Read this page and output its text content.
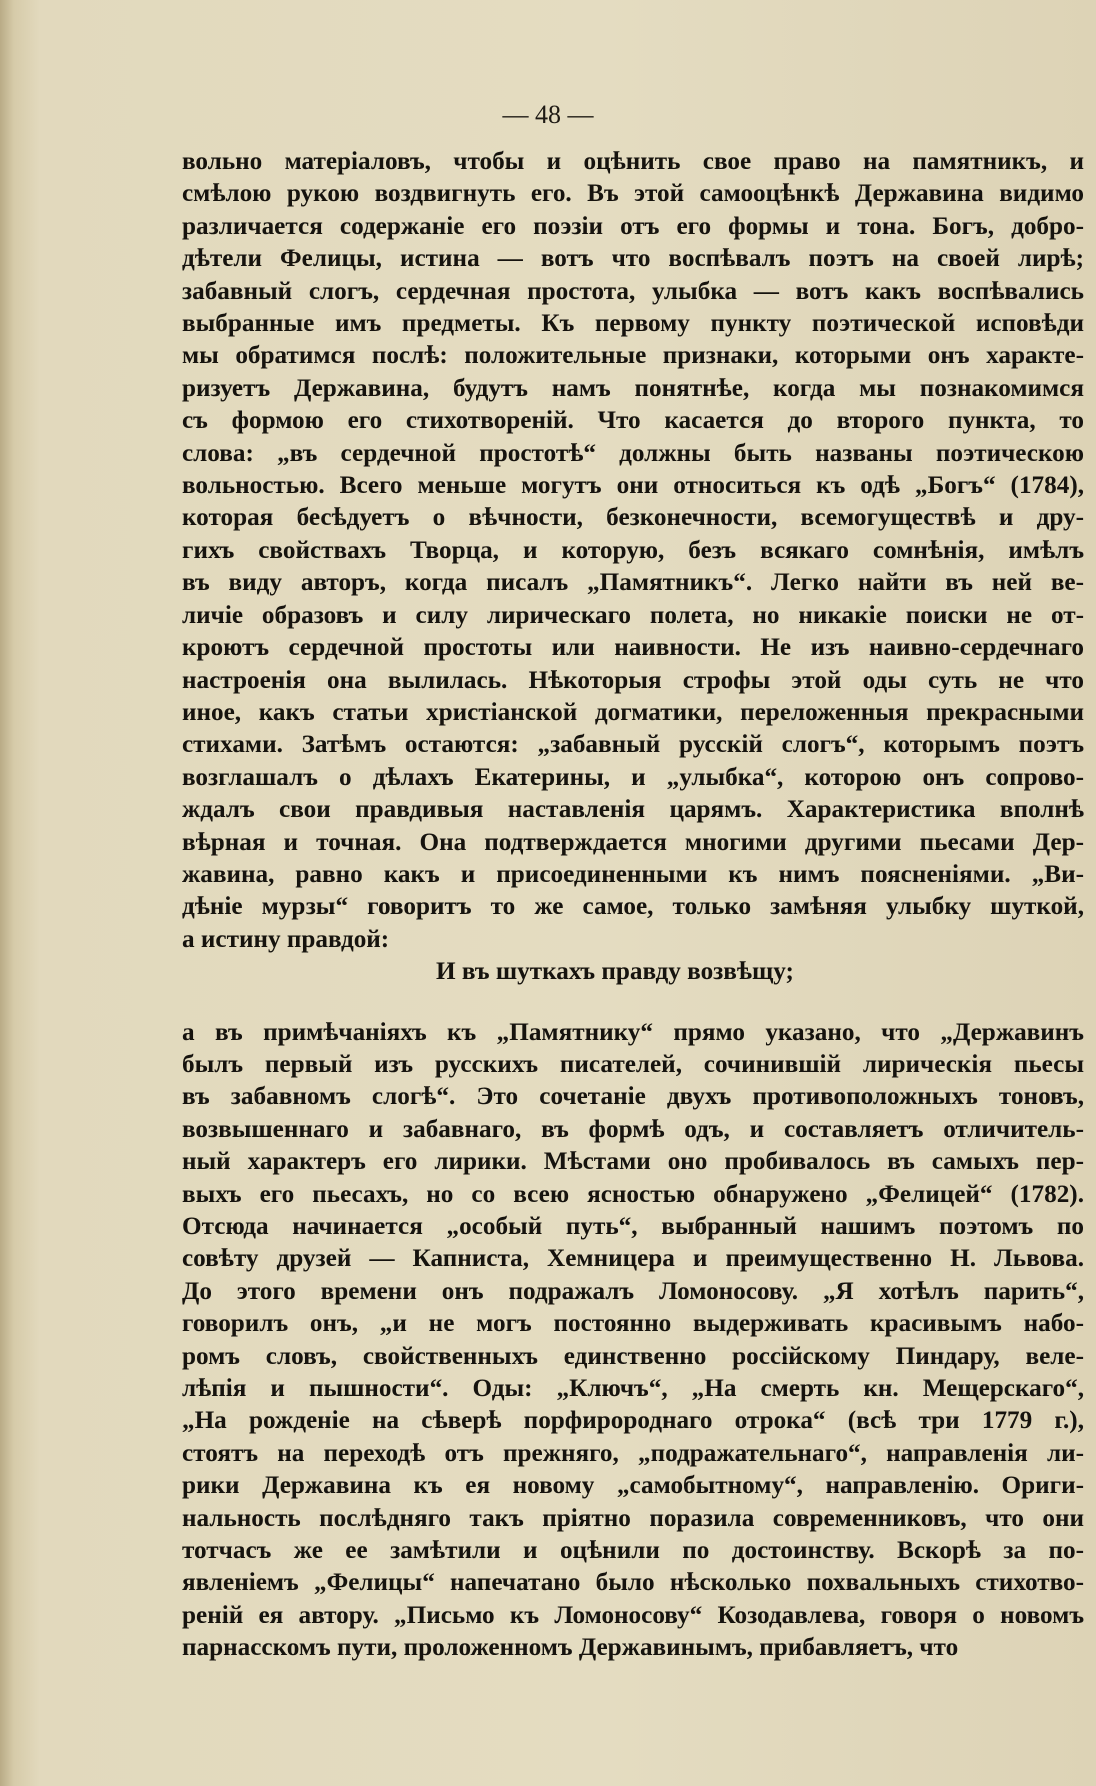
— 48 —
вольно матеріаловъ, чтобы и оцѣнить свое право на памятникъ, и
смѣлою рукою воздвигнуть его. Въ этой самооцѣнкѣ Державина видимо
различается содержаніе его поэзіи отъ его формы и тона. Богъ, добро-
дѣтели Фелицы, истина — вотъ что воспѣвалъ поэтъ на своей лирѣ;
забавный слогъ, сердечная простота, улыбка — вотъ какъ воспѣвались
выбранные имъ предметы. Къ первому пункту поэтической исповѣди
мы обратимся послѣ: положительные признаки, которыми онъ характе-
ризуетъ Державина, будутъ намъ понятнѣе, когда мы познакомимся
съ формою его стихотвореній. Что касается до второго пункта, то
слова: „въ сердечной простотѣ“ должны быть названы поэтическою
вольностью. Всего меньше могутъ они относиться къ одѣ „Богъ“ (1784),
которая бесѣдуетъ о вѣчности, безконечности, всемогуществѣ и дру-
гихъ свойствахъ Творца, и которую, безъ всякаго сомнѣнія, имѣлъ
въ виду авторъ, когда писалъ „Памятникъ“. Легко найти въ ней ве-
личіе образовъ и силу лирическаго полета, но никакіе поиски не от-
кроютъ сердечной простоты или наивности. Не изъ наивно-сердечнаго
настроенія она вылилась. Нѣкоторыя строфы этой оды суть не что
иное, какъ статьи христіанской догматики, переложенныя прекрасными
стихами. Затѣмъ остаются: „забавный русскій слогъ“, которымъ поэтъ
возглашалъ о дѣлахъ Екатерины, и „улыбка“, которою онъ сопрово-
ждалъ свои правдивыя наставленія царямъ. Характеристика вполнѣ
вѣрная и точная. Она подтверждается многими другими пьесами Дер-
жавина, равно какъ и присоединенными къ нимъ поясненіями. „Ви-
дѣніе мурзы“ говоритъ то же самое, только замѣняя улыбку шуткой,
а истину правдой:
И въ шуткахъ правду возвѣщу;
а въ примѣчаніяхъ къ „Памятнику“ прямо указано, что „Державинъ
былъ первый изъ русскихъ писателей, сочинившій лирическія пьесы
въ забавномъ слогѣ“. Это сочетаніе двухъ противоположныхъ тоновъ,
возвышеннаго и забавнаго, въ формѣ одъ, и составляетъ отличитель-
ный характеръ его лирики. Мѣстами оно пробивалось въ самыхъ пер-
выхъ его пьесахъ, но со всею ясностью обнаружено „Фелицей“ (1782).
Отсюда начинается „особый путь“, выбранный нашимъ поэтомъ по
совѣту друзей — Капниста, Хемницера и преимущественно Н. Львова.
До этого времени онъ подражалъ Ломоносову. „Я хотѣлъ парить“,
говорилъ онъ, „и не могъ постоянно выдерживать красивымъ набо-
ромъ словъ, свойственныхъ единственно россійскому Пиндару, веле-
лѣпія и пышности“. Оды: „Ключъ“, „На смерть кн. Мещерскаго“,
„На рожденіе на сѣверѣ порфиророднаго отрока“ (всѣ три 1779 г.),
стоятъ на переходѣ отъ прежняго, „подражательнаго“, направленія ли-
рики Державина къ ея новому „самобытному“, направленію. Ориги-
нальность послѣдняго такъ пріятно поразила современниковъ, что они
тотчасъ же ее замѣтили и оцѣнили по достоинству. Вскорѣ за по-
явленіемъ „Фелицы“ напечатано было нѣсколько похвальныхъ стихотво-
реній ея автору. „Письмо къ Ломоносову“ Козодавлева, говоря о новомъ
парнасскомъ пути, проложенномъ Державинымъ, прибавляетъ, что
